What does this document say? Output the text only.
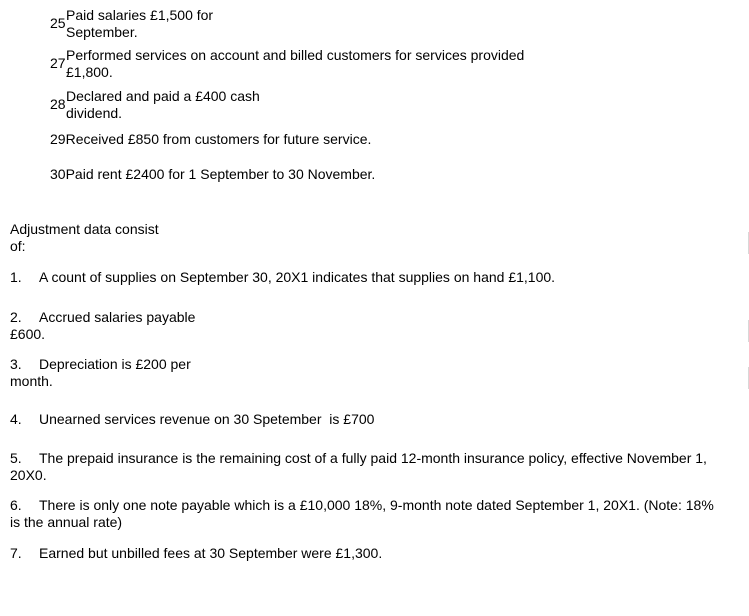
25 Paid salaries £1,500 for
September.
27 Performed services on account and billed customers for services provided
£1,800.
28 Declared and paid a £400 cash
dividend.
29Received £850 from customers for future service.
30Paid rent £2400 for 1 September to 30 November.
Adjustment data consist
of:
1. A count of supplies on September 30, 20X1 indicates that supplies on hand £1,100.
2. Accrued salaries payable
£600.
3. Depreciation is £200 per
month.
4. Unearned services revenue on 30 Spetember  is £700
5. The prepaid insurance is the remaining cost of a fully paid 12-month insurance policy, effective November 1,
20X0.
6. There is only one note payable which is a £10,000 18%, 9-month note dated September 1, 20X1. (Note: 18%
is the annual rate)
7. Earned but unbilled fees at 30 September were £1,300.
